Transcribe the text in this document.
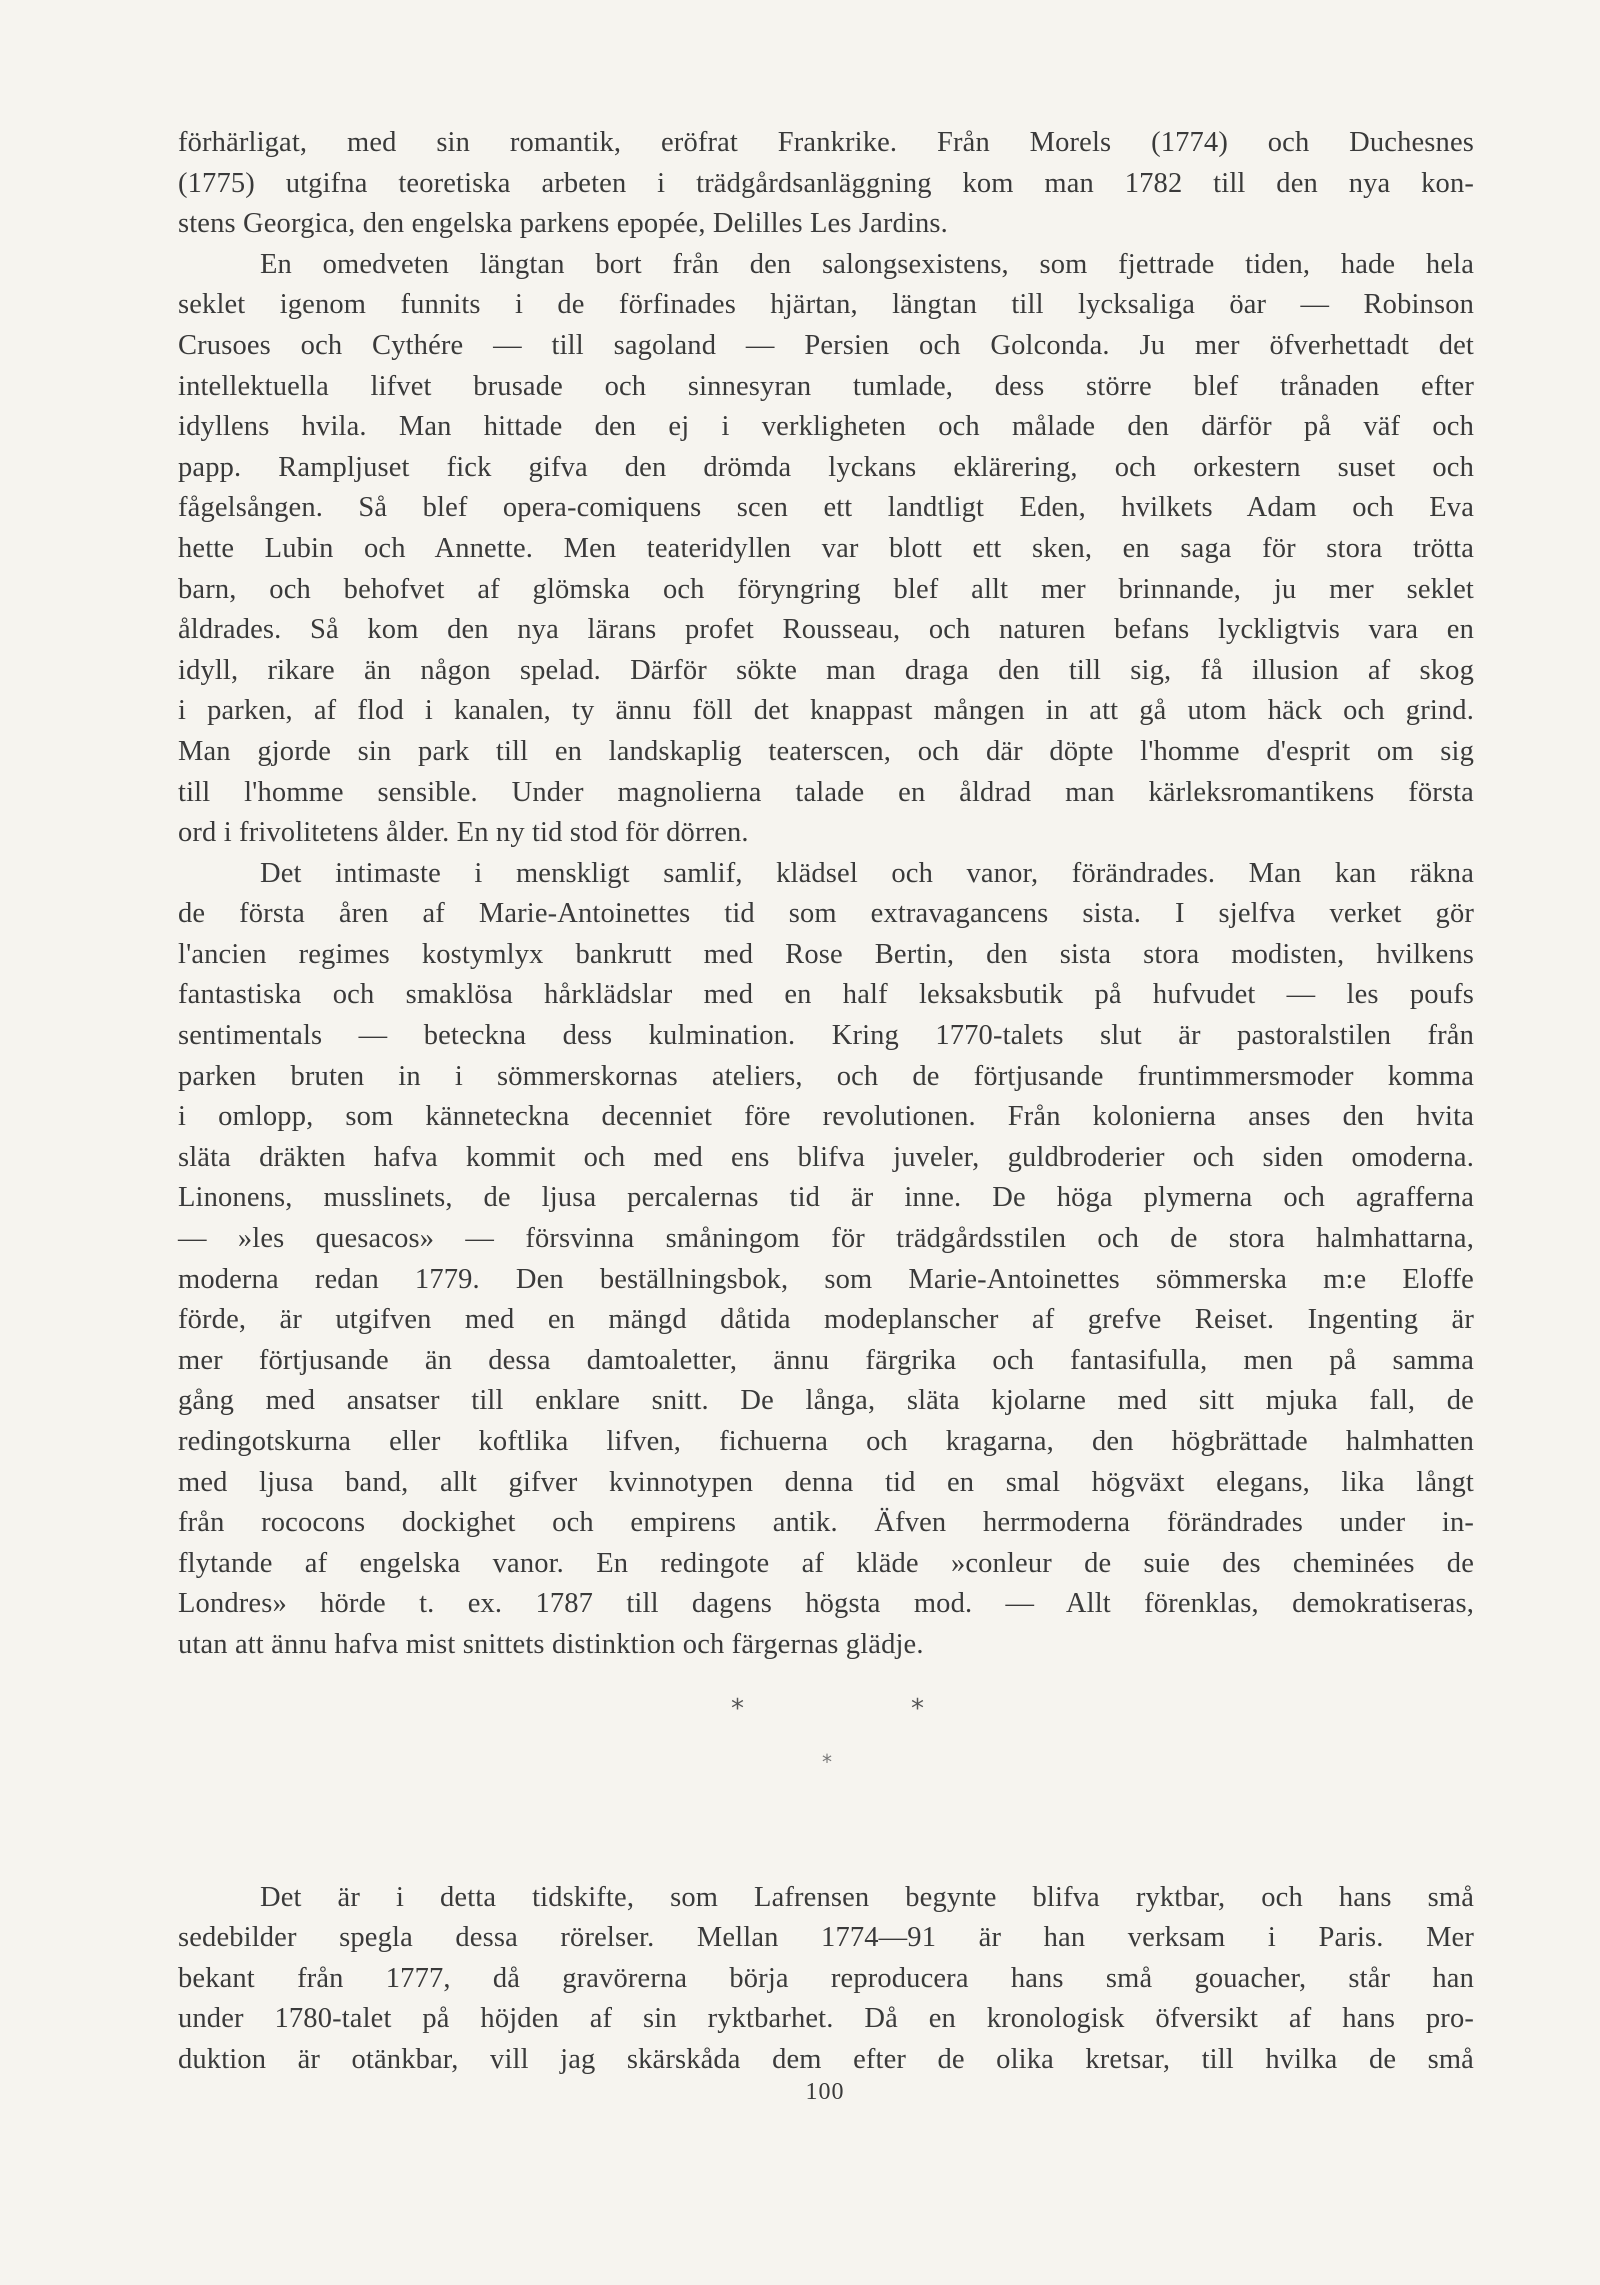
förhärligat, med sin romantik, eröfrat Frankrike. Från Morels (1774) och Duchesnes
(1775) utgifna teoretiska arbeten i trädgårdsanläggning kom man 1782 till den nya kon-
stens Georgica, den engelska parkens epopée, Delilles Les Jardins.
En omedveten längtan bort från den salongsexistens, som fjettrade tiden, hade hela
seklet igenom funnits i de förfinades hjärtan, längtan till lycksaliga öar — Robinson
Crusoes och Cythére — till sagoland — Persien och Golconda. Ju mer öfverhettadt det
intellektuella lifvet brusade och sinnesyran tumlade, dess större blef trånaden efter
idyllens hvila. Man hittade den ej i verkligheten och målade den därför på väf och
papp. Rampljuset fick gifva den drömda lyckans eklärering, och orkestern suset och
fågelsången. Så blef opera-comiquens scen ett landtligt Eden, hvilkets Adam och Eva
hette Lubin och Annette. Men teateridyllen var blott ett sken, en saga för stora trötta
barn, och behofvet af glömska och föryngring blef allt mer brinnande, ju mer seklet
åldrades. Så kom den nya lärans profet Rousseau, och naturen befans lyckligtvis vara en
idyll, rikare än någon spelad. Därför sökte man draga den till sig, få illusion af skog
i parken, af flod i kanalen, ty ännu föll det knappast mången in att gå utom häck och grind.
Man gjorde sin park till en landskaplig teaterscen, och där döpte l'homme d'esprit om sig
till l'homme sensible. Under magnolierna talade en åldrad man kärleksromantikens första
ord i frivolitetens ålder. En ny tid stod för dörren.
Det intimaste i menskligt samlif, klädsel och vanor, förändrades. Man kan räkna
de första åren af Marie-Antoinettes tid som extravagancens sista. I sjelfva verket gör
l'ancien regimes kostymlyx bankrutt med Rose Bertin, den sista stora modisten, hvilkens
fantastiska och smaklösa hårklädslar med en half leksaksbutik på hufvudet — les poufs
sentimentals — beteckna dess kulmination. Kring 1770-talets slut är pastoralstilen från
parken bruten in i sömmerskornas ateliers, och de förtjusande fruntimmersmoder komma
i omlopp, som känneteckna decenniet före revolutionen. Från kolonierna anses den hvita
släta dräkten hafva kommit och med ens blifva juveler, guldbroderier och siden omoderna.
Linonens, musslinets, de ljusa percalernas tid är inne. De höga plymerna och agrafferna
— »les quesacos» — försvinna småningom för trädgårdsstilen och de stora halmhattarna,
moderna redan 1779. Den beställningsbok, som Marie-Antoinettes sömmerska m:e Eloffe
förde, är utgifven med en mängd dåtida modeplanscher af grefve Reiset. Ingenting är
mer förtjusande än dessa damtoaletter, ännu färgrika och fantasifulla, men på samma
gång med ansatser till enklare snitt. De långa, släta kjolarne med sitt mjuka fall, de
redingotskurna eller koftlika lifven, fichuerna och kragarna, den högbrättade halmhatten
med ljusa band, allt gifver kvinnotypen denna tid en smal högväxt elegans, lika långt
från rococons dockighet och empirens antik. Äfven herrmoderna förändrades under in-
flytande af engelska vanor. En redingote af kläde »conleur de suie des cheminées de
Londres» hörde t. ex. 1787 till dagens högsta mod. — Allt förenklas, demokratiseras,
utan att ännu hafva mist snittets distinktion och färgernas glädje.
*	*
*
Det är i detta tidskifte, som Lafrensen begynte blifva ryktbar, och hans små
sedebilder spegla dessa rörelser. Mellan 1774—91 är han verksam i Paris. Mer
bekant från 1777, då gravörerna börja reproducera hans små gouacher, står han
under 1780-talet på höjden af sin ryktbarhet. Då en kronologisk öfversikt af hans pro-
duktion är otänkbar, vill jag skärskåda dem efter de olika kretsar, till hvilka de små
100
